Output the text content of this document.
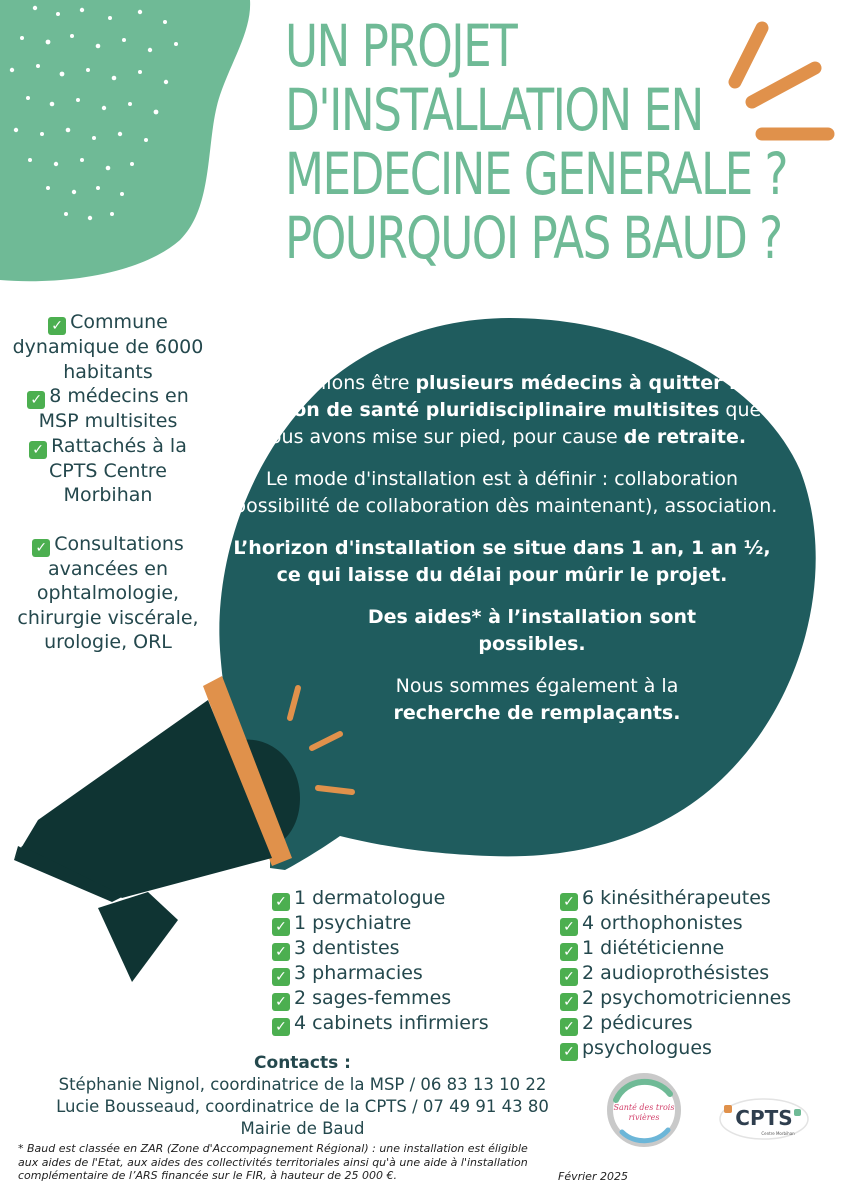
UN PROJET
D'INSTALLATION EN
MEDECINE GENERALE ?
POURQUOI PAS BAUD ?

✓ Commune dynamique de 6000 habitants

✓ 8 médecins en MSP multisites

✓ Rattachés à la CPTS Centre Morbihan

✓ Consultations avancées en ophtalmologie, chirurgie viscérale, urologie, ORL

Nous allons être plusieurs médecins à quitter la maison de santé pluridisciplinaire multisites que nous avons mise sur pied, pour cause de retraite.

Le mode d'installation est à définir : collaboration (possibilité de collaboration dès maintenant), association.

L’horizon d'installation se situe dans 1 an, 1 an ½, ce qui laisse du délai pour mûrir le projet.

Des aides* à l’installation sont possibles.

Nous sommes également à la recherche de remplaçants.

✓ 1 dermatologue
✓ 1 psychiatre
✓ 3 dentistes
✓ 3 pharmacies
✓ 2 sages-femmes
✓ 4 cabinets infirmiers
✓ 6 kinésithérapeutes
✓ 4 orthophonistes
✓ 1 diététicienne
✓ 2 audioprothésistes
✓ 2 psychomotriciennes
✓ 2 pédicures
✓ psychologues
Contacts :
Stéphanie Nignol, coordinatrice de la MSP / 06 83 13 10 22
Lucie Bousseaud, coordinatrice de la CPTS / 07 49 91 43 80
Mairie de Baud
* Baud est classée en ZAR (Zone d'Accompagnement Régional) : une installation est éligible aux aides de l'Etat, aux aides des collectivités territoriales ainsi qu'à une aide à l'installation complémentaire de l’ARS financée sur le FIR, à hauteur de 25 000 €.	Février 2025
Santé des trois
rivières	CPTS
Centre Morbihan
